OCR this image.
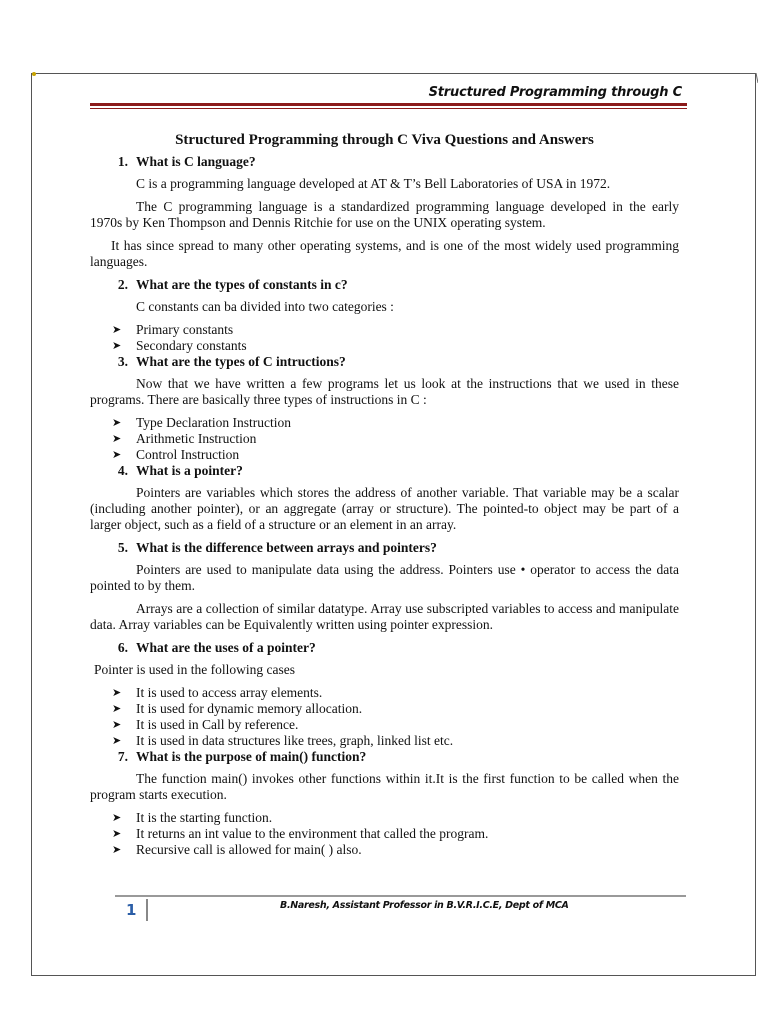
Structured Programming through C
Structured Programming through C Viva Questions and Answers
1. What is C language?

C is a programming language developed at AT & T’s Bell Laboratories of USA in 1972.

The C programming language is a standardized programming language developed in the early 1970s by Ken Thompson and Dennis Ritchie for use on the UNIX operating system.

It has since spread to many other operating systems, and is one of the most widely used programming languages.

2. What are the types of constants in c?

C constants can ba divided into two categories :

➤ Primary constants
➤ Secondary constants
3. What are the types of C intructions?

Now that we have written a few programs let us look at the instructions that we used in these programs. There are basically three types of instructions in C :

➤ Type Declaration Instruction
➤ Arithmetic Instruction
➤ Control Instruction
4. What is a pointer?

Pointers are variables which stores the address of another variable. That variable may be a scalar (including another pointer), or an aggregate (array or structure). The pointed-to object may be part of a larger object, such as a field of a structure or an element in an array.

5. What is the difference between arrays and pointers?

Pointers are used to manipulate data using the address. Pointers use • operator to access the data pointed to by them.

Arrays are a collection of similar datatype. Array use subscripted variables to access and manipulate data. Array variables can be Equivalently written using pointer expression.

6. What are the uses of a pointer?

Pointer is used in the following cases

➤ It is used to access array elements.
➤ It is used for dynamic memory allocation.
➤ It is used in Call by reference.
➤ It is used in data structures like trees, graph, linked list etc.
7. What is the purpose of main() function?

The function main() invokes other functions within it.It is the first function to be called when the program starts execution.

➤ It is the starting function.
➤ It returns an int value to the environment that called the program.
➤ Recursive call is allowed for main( ) also.
1	B.Naresh, Assistant Professor in B.V.R.I.C.E, Dept of MCA
